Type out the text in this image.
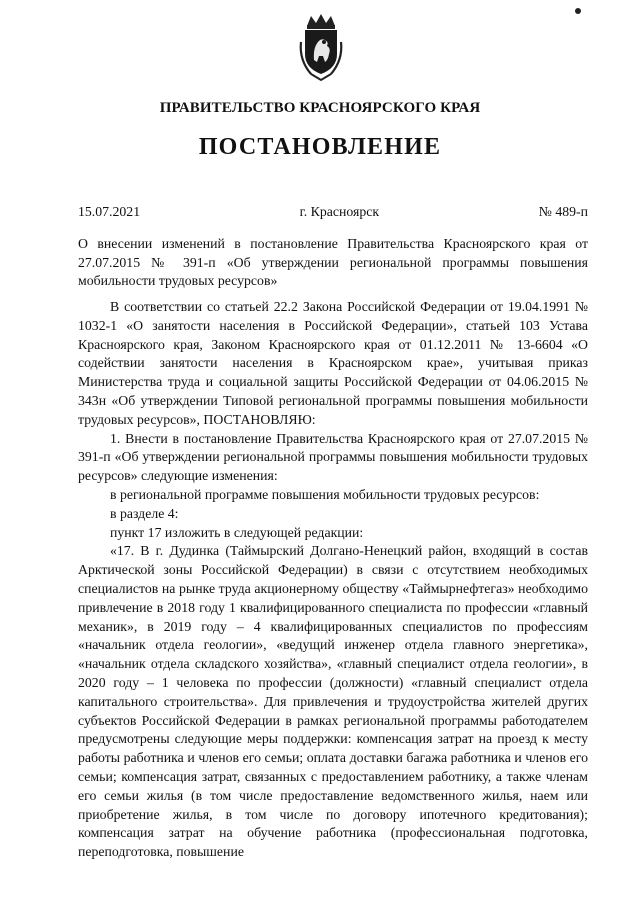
ПРАВИТЕЛЬСТВО КРАСНОЯРСКОГО КРАЯ
ПОСТАНОВЛЕНИЕ
15.07.2021	г. Красноярск	№ 489-п
О внесении изменений в постановление Правительства Красноярского края от 27.07.2015 № 391-п «Об утверждении региональной программы повышения мобильности трудовых ресурсов»

В соответствии со статьей 22.2 Закона Российской Федерации от 19.04.1991 № 1032-1 «О занятости населения в Российской Федерации», статьей 103 Устава Красноярского края, Законом Красноярского края от 01.12.2011 № 13-6604 «О содействии занятости населения в Красноярском крае», учитывая приказ Министерства труда и социальной защиты Российской Федерации от 04.06.2015 № 343н «Об утверждении Типовой региональной программы повышения мобильности трудовых ресурсов», ПОСТАНОВЛЯЮ:

1. Внести в постановление Правительства Красноярского края от 27.07.2015 № 391-п «Об утверждении региональной программы повышения мобильности трудовых ресурсов» следующие изменения:

в региональной программе повышения мобильности трудовых ресурсов:

в разделе 4:

пункт 17 изложить в следующей редакции:

«17. В г. Дудинка (Таймырский Долгано-Ненецкий район, входящий в состав Арктической зоны Российской Федерации) в связи с отсутствием необходимых специалистов на рынке труда акционерному обществу «Таймырнефтегаз» необходимо привлечение в 2018 году 1 квалифицированного специалиста по профессии «главный механик», в 2019 году – 4 квалифицированных специалистов по профессиям «начальник отдела геологии», «ведущий инженер отдела главного энергетика», «начальник отдела складского хозяйства», «главный специалист отдела геологии», в 2020 году – 1 человека по профессии (должности) «главный специалист отдела капитального строительства». Для привлечения и трудоустройства жителей других субъектов Российской Федерации в рамках региональной программы работодателем предусмотрены следующие меры поддержки: компенсация затрат на проезд к месту работы работника и членов его семьи; оплата доставки багажа работника и членов его семьи; компенсация затрат, связанных с предоставлением работнику, а также членам его семьи жилья (в том числе предоставление ведомственного жилья, наем или приобретение жилья, в том числе по договору ипотечного кредитования); компенсация затрат на обучение работника (профессиональная подготовка, переподготовка, повышение
